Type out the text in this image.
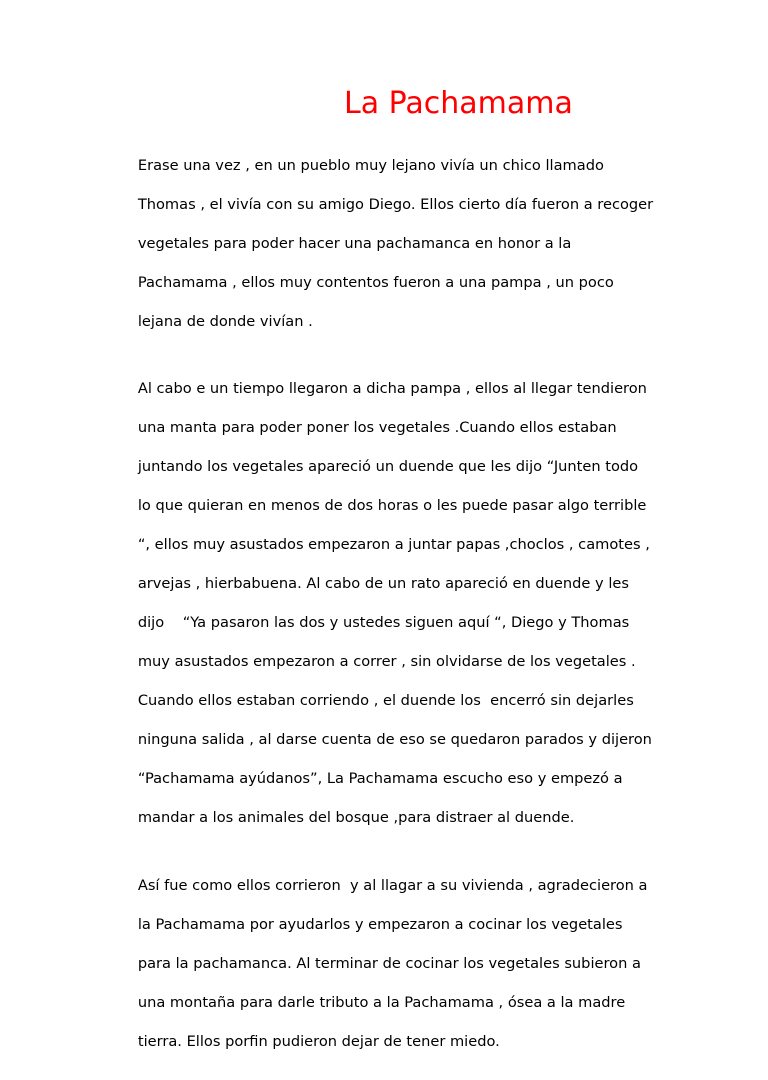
La Pachamama

Erase una vez , en un pueblo muy lejano vivía un chico llamado

Thomas , el vivía con su amigo Diego. Ellos cierto día fueron a recoger

vegetales para poder hacer una pachamanca en honor a la

Pachamama , ellos muy contentos fueron a una pampa , un poco

lejana de donde vivían .

Al cabo e un tiempo llegaron a dicha pampa , ellos al llegar tendieron

una manta para poder poner los vegetales .Cuando ellos estaban

juntando los vegetales apareció un duende que les dijo “Junten todo

lo que quieran en menos de dos horas o les puede pasar algo terrible

“, ellos muy asustados empezaron a juntar papas ,choclos , camotes ,

arvejas , hierbabuena. Al cabo de un rato apareció en duende y les

dijo    “Ya pasaron las dos y ustedes siguen aquí “, Diego y Thomas

muy asustados empezaron a correr , sin olvidarse de los vegetales .

Cuando ellos estaban corriendo , el duende los  encerró sin dejarles

ninguna salida , al darse cuenta de eso se quedaron parados y dijeron

“Pachamama ayúdanos”, La Pachamama escucho eso y empezó a

mandar a los animales del bosque ,para distraer al duende.

Así fue como ellos corrieron  y al llagar a su vivienda , agradecieron a

la Pachamama por ayudarlos y empezaron a cocinar los vegetales

para la pachamanca. Al terminar de cocinar los vegetales subieron a

una montaña para darle tributo a la Pachamama , ósea a la madre

tierra. Ellos porfin pudieron dejar de tener miedo.
